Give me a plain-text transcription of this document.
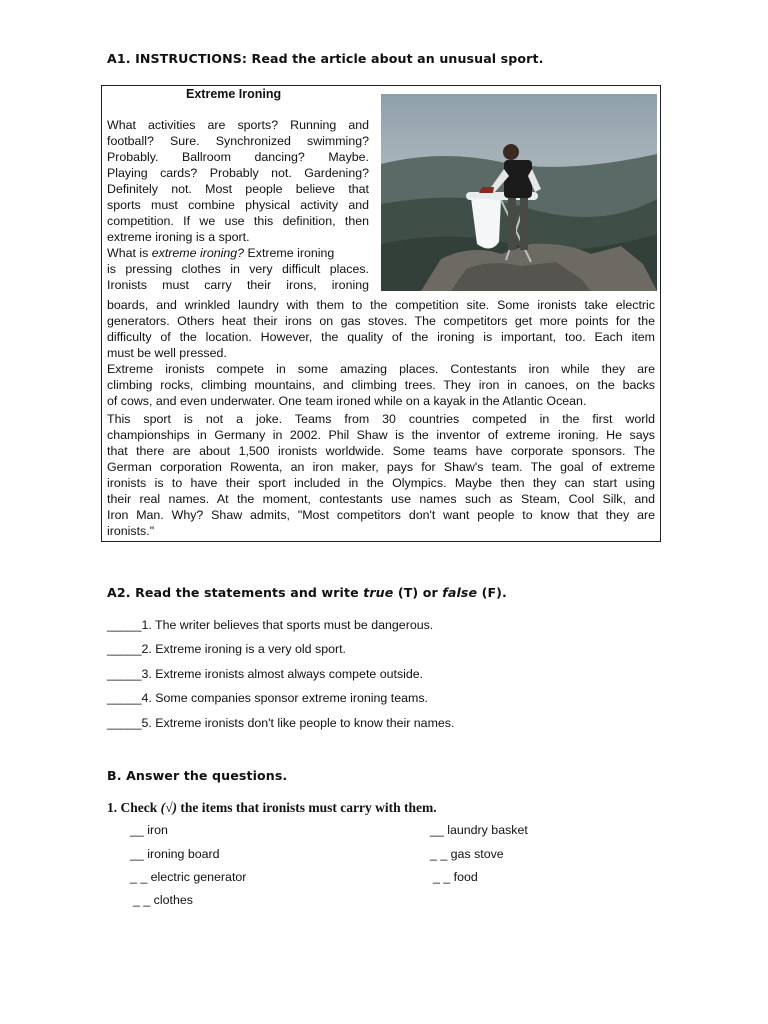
A1. INSTRUCTIONS: Read the article about an unusual sport.
Extreme Ironing
What activities are sports? Running and
football? Sure. Synchronized swimming?
Probably. Ballroom dancing? Maybe.
Playing cards? Probably not. Gardening?
Definitely not. Most people believe that
sports must combine physical activity and
competition. If we use this definition, then
extreme ironing is a sport.
What is extreme ironing? Extreme ironing
is pressing clothes in very difficult places.
Ironists must carry their irons, ironing
boards, and wrinkled laundry with them to the competition site. Some ironists take electric
generators. Others heat their irons on gas stoves. The competitors get more points for the
difficulty of the location. However, the quality of the ironing is important, too. Each item
must be well pressed.
Extreme ironists compete in some amazing places. Contestants iron while they are
climbing rocks, climbing mountains, and climbing trees. They iron in canoes, on the backs
of cows, and even underwater. One team ironed while on a kayak in the Atlantic Ocean.
This sport is not a joke. Teams from 30 countries competed in the first world
championships in Germany in 2002. Phil Shaw is the inventor of extreme ironing. He says
that there are about 1,500 ironists worldwide. Some teams have corporate sponsors. The
German corporation Rowenta, an iron maker, pays for Shaw's team. The goal of extreme
ironists is to have their sport included in the Olympics. Maybe then they can start using
their real names. At the moment, contestants use names such as Steam, Cool Silk, and
Iron Man. Why? Shaw admits, "Most competitors don't want people to know that they are
ironists."
A2. Read the statements and write true (T) or false (F).
_____1. The writer believes that sports must be dangerous.
_____2. Extreme ironing is a very old sport.
_____3. Extreme ironists almost always compete outside.
_____4. Some companies sponsor extreme ironing teams.
_____5. Extreme ironists don't like people to know their names.
B. Answer the questions.
1. Check (√) the items that ironists must carry with them.
__ iron
__ ironing board
_ _ electric generator
_ _ clothes
__ laundry basket
_ _ gas stove
_ _ food
